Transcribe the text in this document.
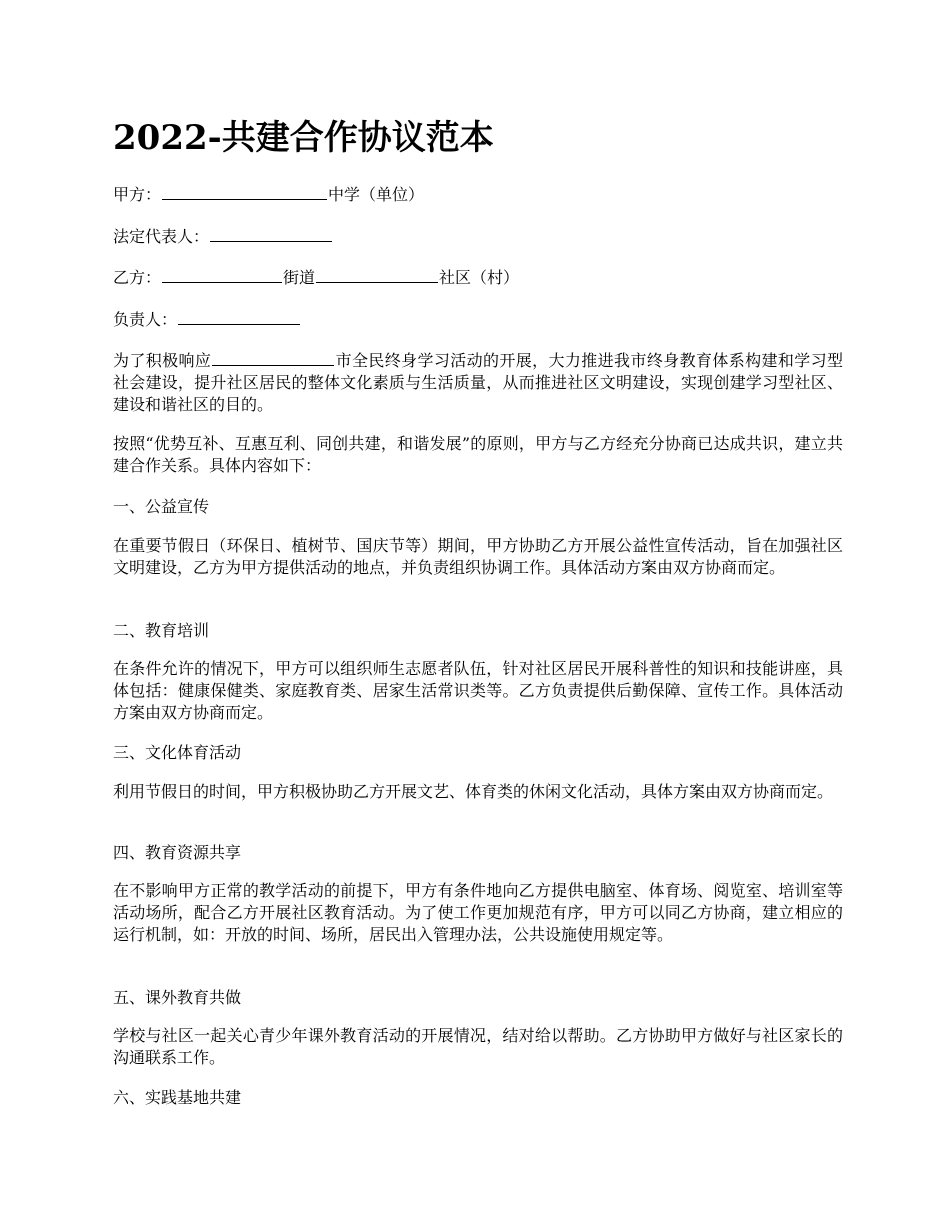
2022-共建合作协议范本

甲方：	中学（单位）

法定代表人：

乙方：	街道	社区（村）

负责人：

为了积极响应	市全民终身学习活动的开展，大力推进我市终身教育体系构建和学习型社会建设，提升社区居民的整体文化素质与生活质量，从而推进社区文明建设，实现创建学习型社区、建设和谐社区的目的。

按照“优势互补、互惠互利、同创共建，和谐发展”的原则，甲方与乙方经充分协商已达成共识，建立共建合作关系。具体内容如下：

一、公益宣传

在重要节假日（环保日、植树节、国庆节等）期间，甲方协助乙方开展公益性宣传活动，旨在加强社区文明建设，乙方为甲方提供活动的地点，并负责组织协调工作。具体活动方案由双方协商而定。

二、教育培训

在条件允许的情况下，甲方可以组织师生志愿者队伍，针对社区居民开展科普性的知识和技能讲座，具体包括：健康保健类、家庭教育类、居家生活常识类等。乙方负责提供后勤保障、宣传工作。具体活动方案由双方协商而定。

三、文化体育活动

利用节假日的时间，甲方积极协助乙方开展文艺、体育类的休闲文化活动，具体方案由双方协商而定。

四、教育资源共享

在不影响甲方正常的教学活动的前提下，甲方有条件地向乙方提供电脑室、体育场、阅览室、培训室等活动场所，配合乙方开展社区教育活动。为了使工作更加规范有序，甲方可以同乙方协商，建立相应的运行机制，如：开放的时间、场所，居民出入管理办法，公共设施使用规定等。

五、课外教育共做

学校与社区一起关心青少年课外教育活动的开展情况，结对给以帮助。乙方协助甲方做好与社区家长的沟通联系工作。

六、实践基地共建
